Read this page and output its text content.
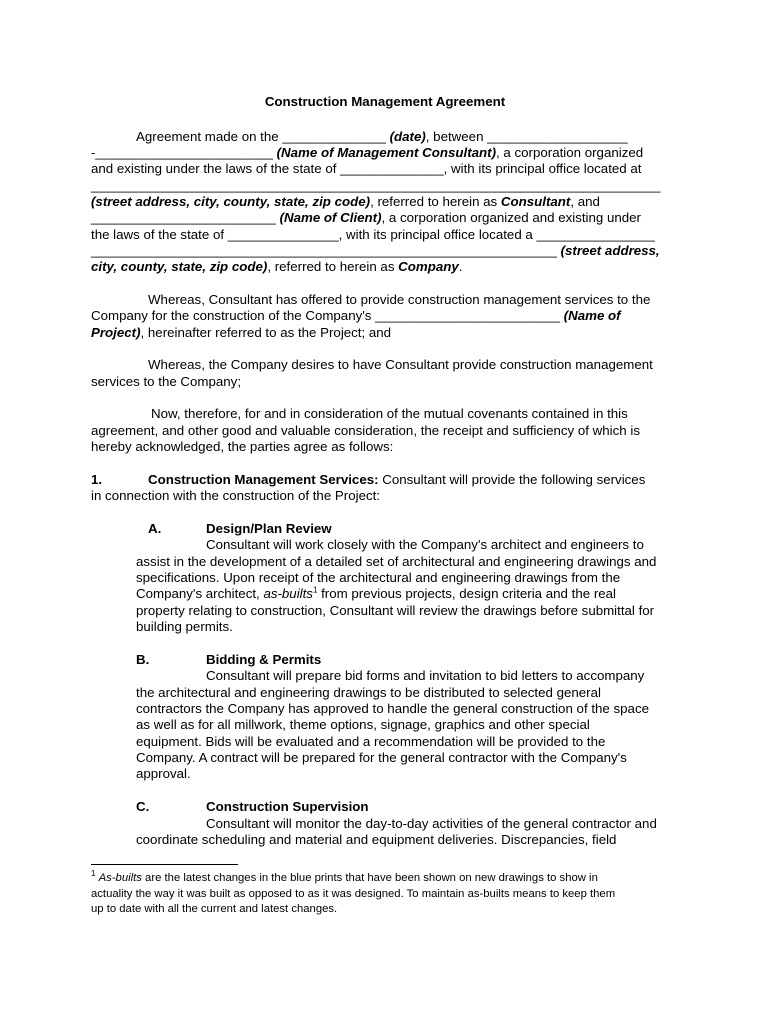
Construction Management Agreement
Agreement made on the ______________ (date), between ___________________
-________________________ (Name of Management Consultant), a corporation organized
and existing under the laws of the state of ______________, with its principal office located at
_____________________________________________________________________________
(street address, city, county, state, zip code), referred to herein as Consultant, and
_________________________ (Name of Client), a corporation organized and existing under
the laws of the state of _______________, with its principal office located a ________________
_______________________________________________________________ (street address,
city, county, state, zip code), referred to herein as Company.
Whereas, Consultant has offered to provide construction management services to the
Company for the construction of the Company's _________________________ (Name of
Project), hereinafter referred to as the Project; and
Whereas, the Company desires to have Consultant provide construction management
services to the Company;
Now, therefore, for and in consideration of the mutual covenants contained in this
agreement, and other good and valuable consideration, the receipt and sufficiency of which is
hereby acknowledged, the parties agree as follows:
1.	Construction Management Services: Consultant will provide the following services
in connection with the construction of the Project:
A.	Design/Plan Review
Consultant will work closely with the Company's architect and engineers to
assist in the development of a detailed set of architectural and engineering drawings and
specifications. Upon receipt of the architectural and engineering drawings from the
Company's architect, as-builts$^1$ from previous projects, design criteria and the real
property relating to construction, Consultant will review the drawings before submittal for
building permits.
B.	Bidding & Permits
Consultant will prepare bid forms and invitation to bid letters to accompany
the architectural and engineering drawings to be distributed to selected general
contractors the Company has approved to handle the general construction of the space
as well as for all millwork, theme options, signage, graphics and other special
equipment. Bids will be evaluated and a recommendation will be provided to the
Company. A contract will be prepared for the general contractor with the Company's
approval.
C.	Construction Supervision
Consultant will monitor the day-to-day activities of the general contractor and
coordinate scheduling and material and equipment deliveries. Discrepancies, field
$^1$ As-builts are the latest changes in the blue prints that have been shown on new drawings to show in
actuality the way it was built as opposed to as it was designed. To maintain as-builts means to keep them
up to date with all the current and latest changes.
